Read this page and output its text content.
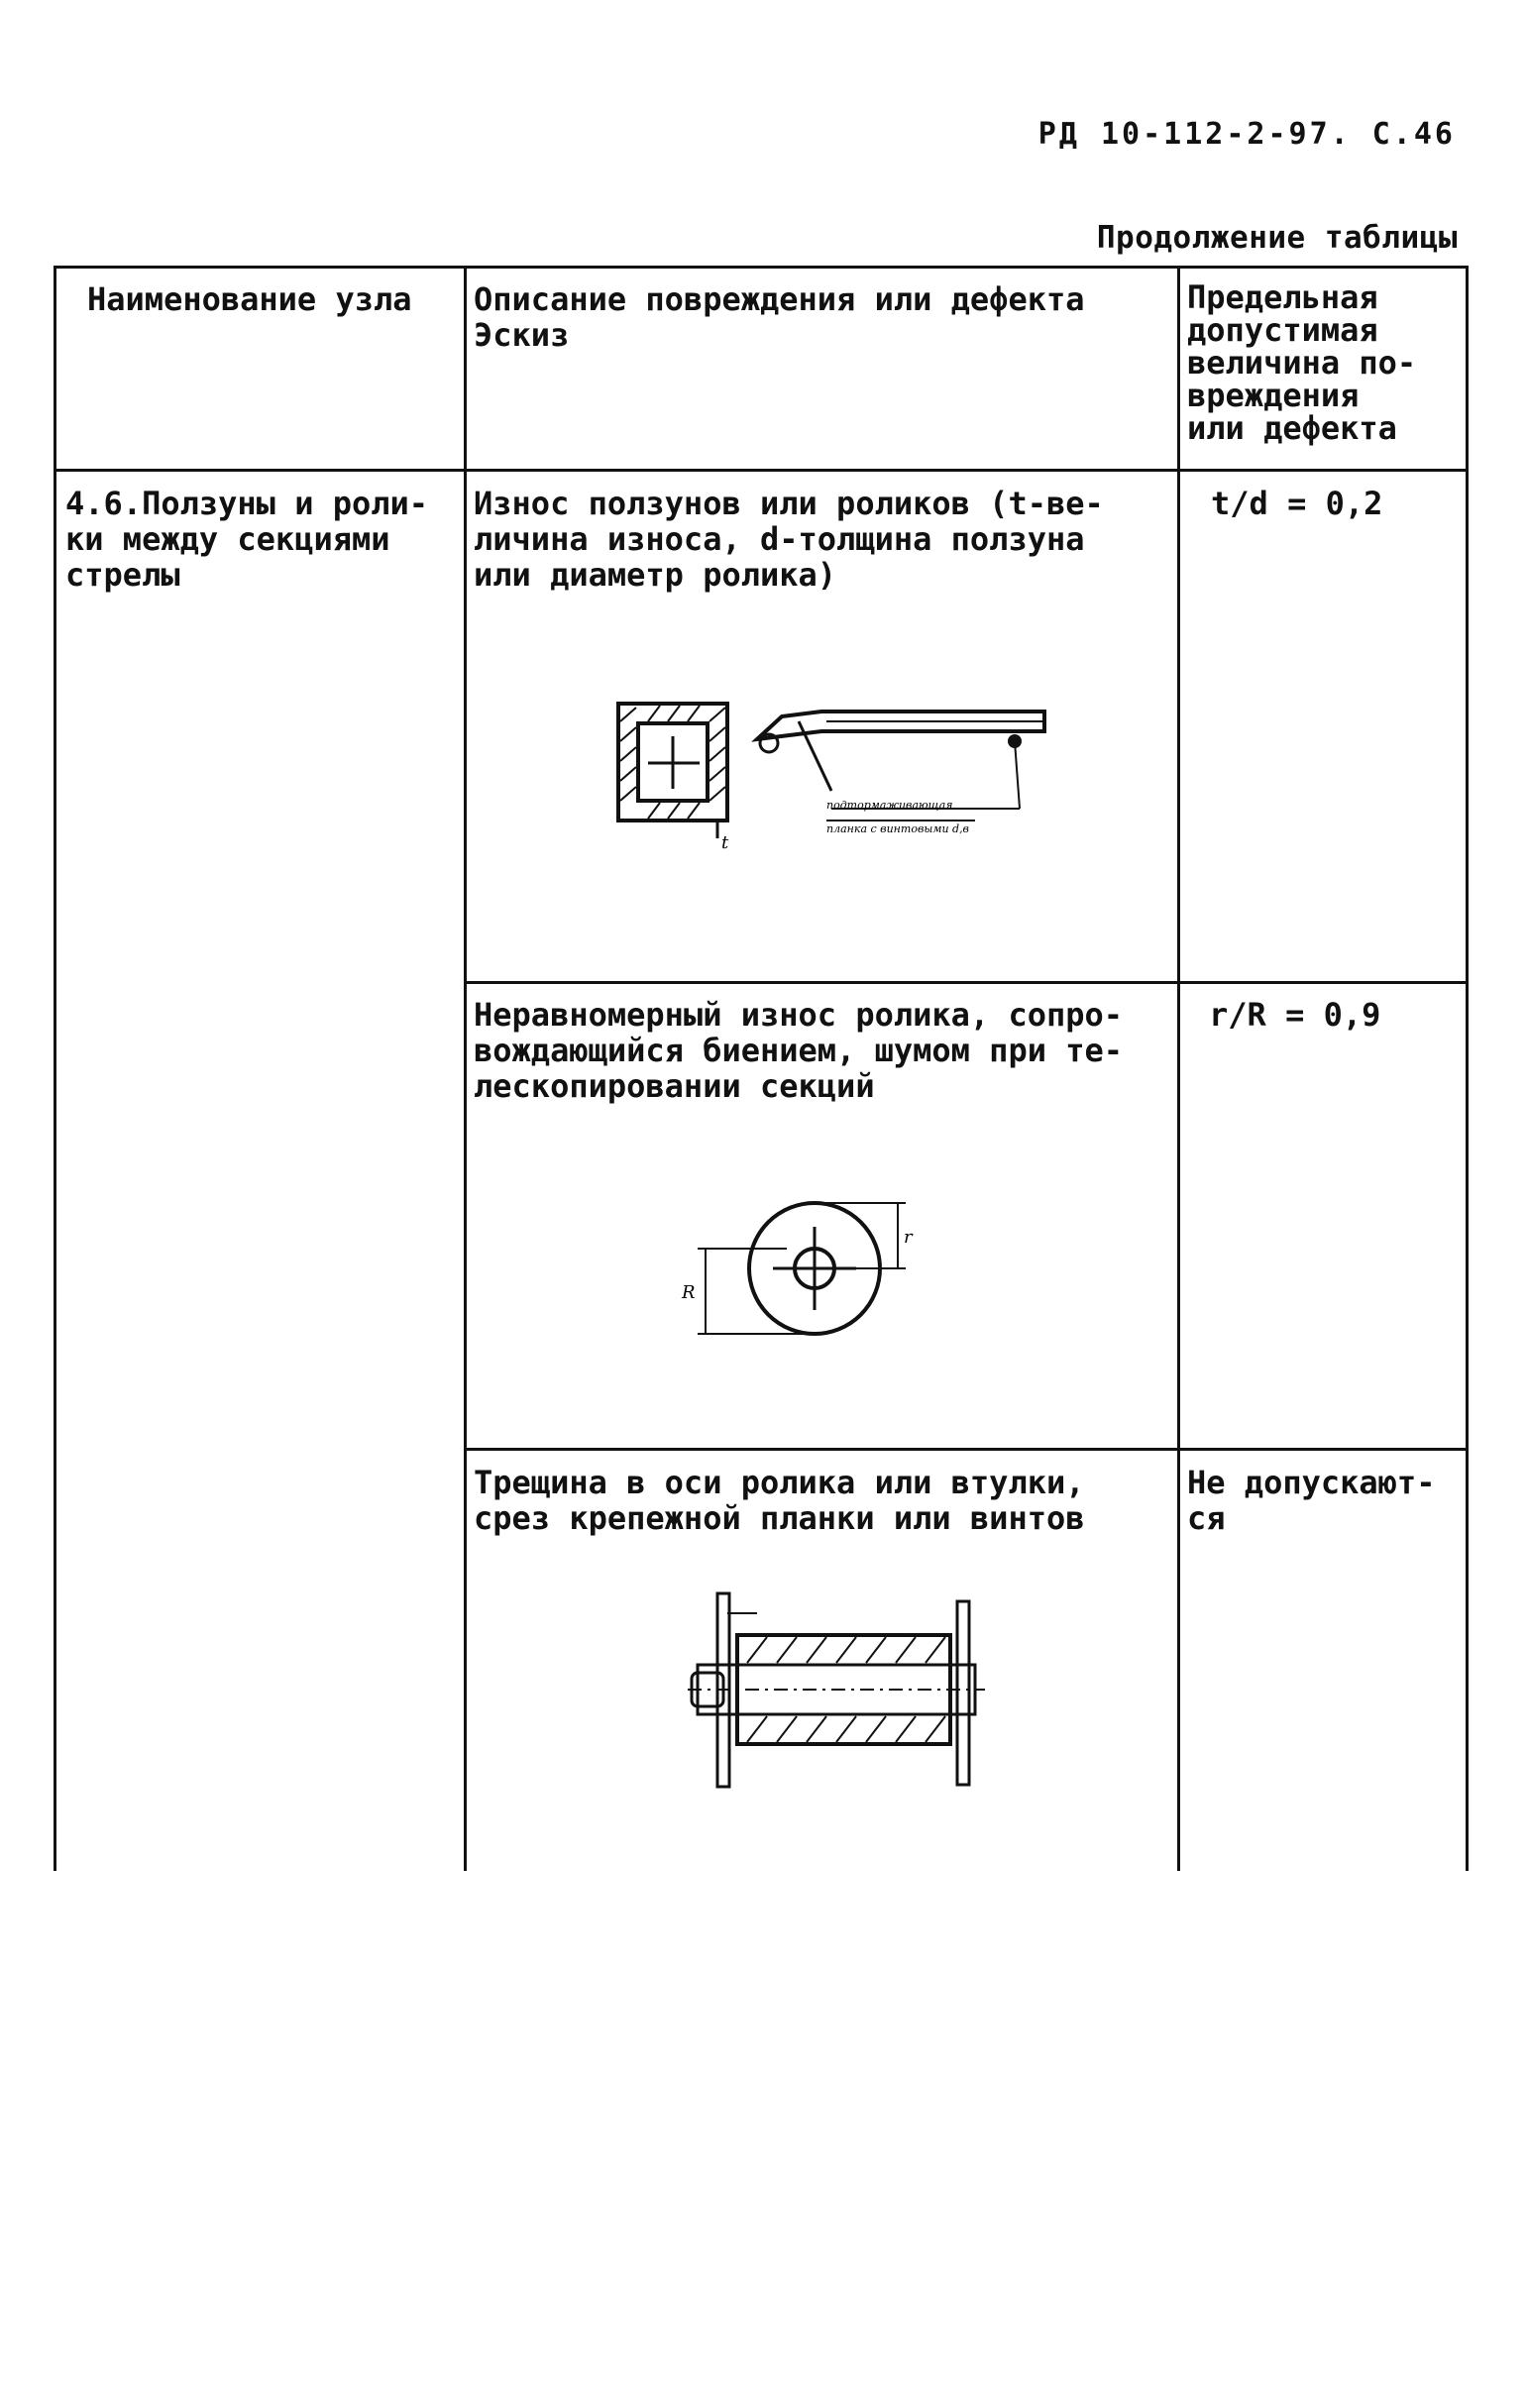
РД 10-112-2-97. С.46
Продолжение таблицы
Наименование узла Описание повреждения или дефекта
Эскиз
Предельная
допустимая
величина по-
вреждения
или дефекта
4.6.Ползуны и роли-
ки между секциями
стрелы
Износ ползунов или роликов (t-ве-
личина износа, d-толщина ползуна
или диаметр ролика)
t/d = 0,2
t
подтормаживающая
планка с винтовыми d,в
Неравномерный износ ролика, сопро-
вождающийся биением, шумом при те-
лескопировании секций
r/R = 0,9
r
R
Трещина в оси ролика или втулки,
срез крепежной планки или винтов
Не допускают-
ся
